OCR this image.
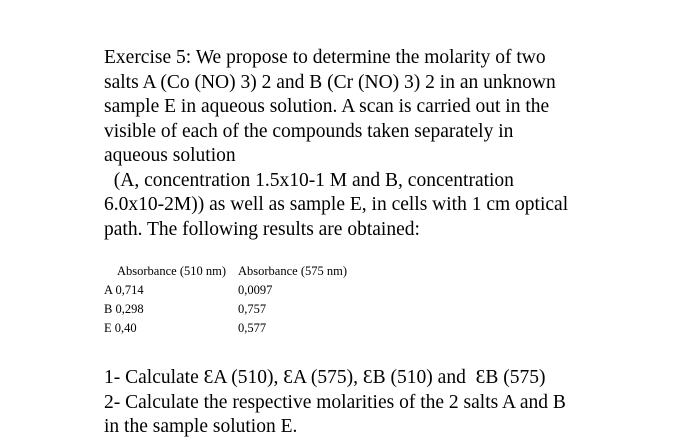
Exercise 5: We propose to determine the molarity of two
salts A (Co (NO) 3) 2 and B (Cr (NO) 3) 2 in an unknown
sample E in aqueous solution. A scan is carried out in the
visible of each of the compounds taken separately in
aqueous solution
(A, concentration 1.5x10-1 M and B, concentration
6.0x10-2M)) as well as sample E, in cells with 1 cm optical
path. The following results are obtained:
Absorbance (510 nm) Absorbance (575 nm)
A 0,714	0,0097
B 0,298	0,757
E 0,40	0,577
1- Calculate ƐA (510), ƐA (575), ƐB (510) and  ƐB (575)
2- Calculate the respective molarities of the 2 salts A and B
in the sample solution E.
